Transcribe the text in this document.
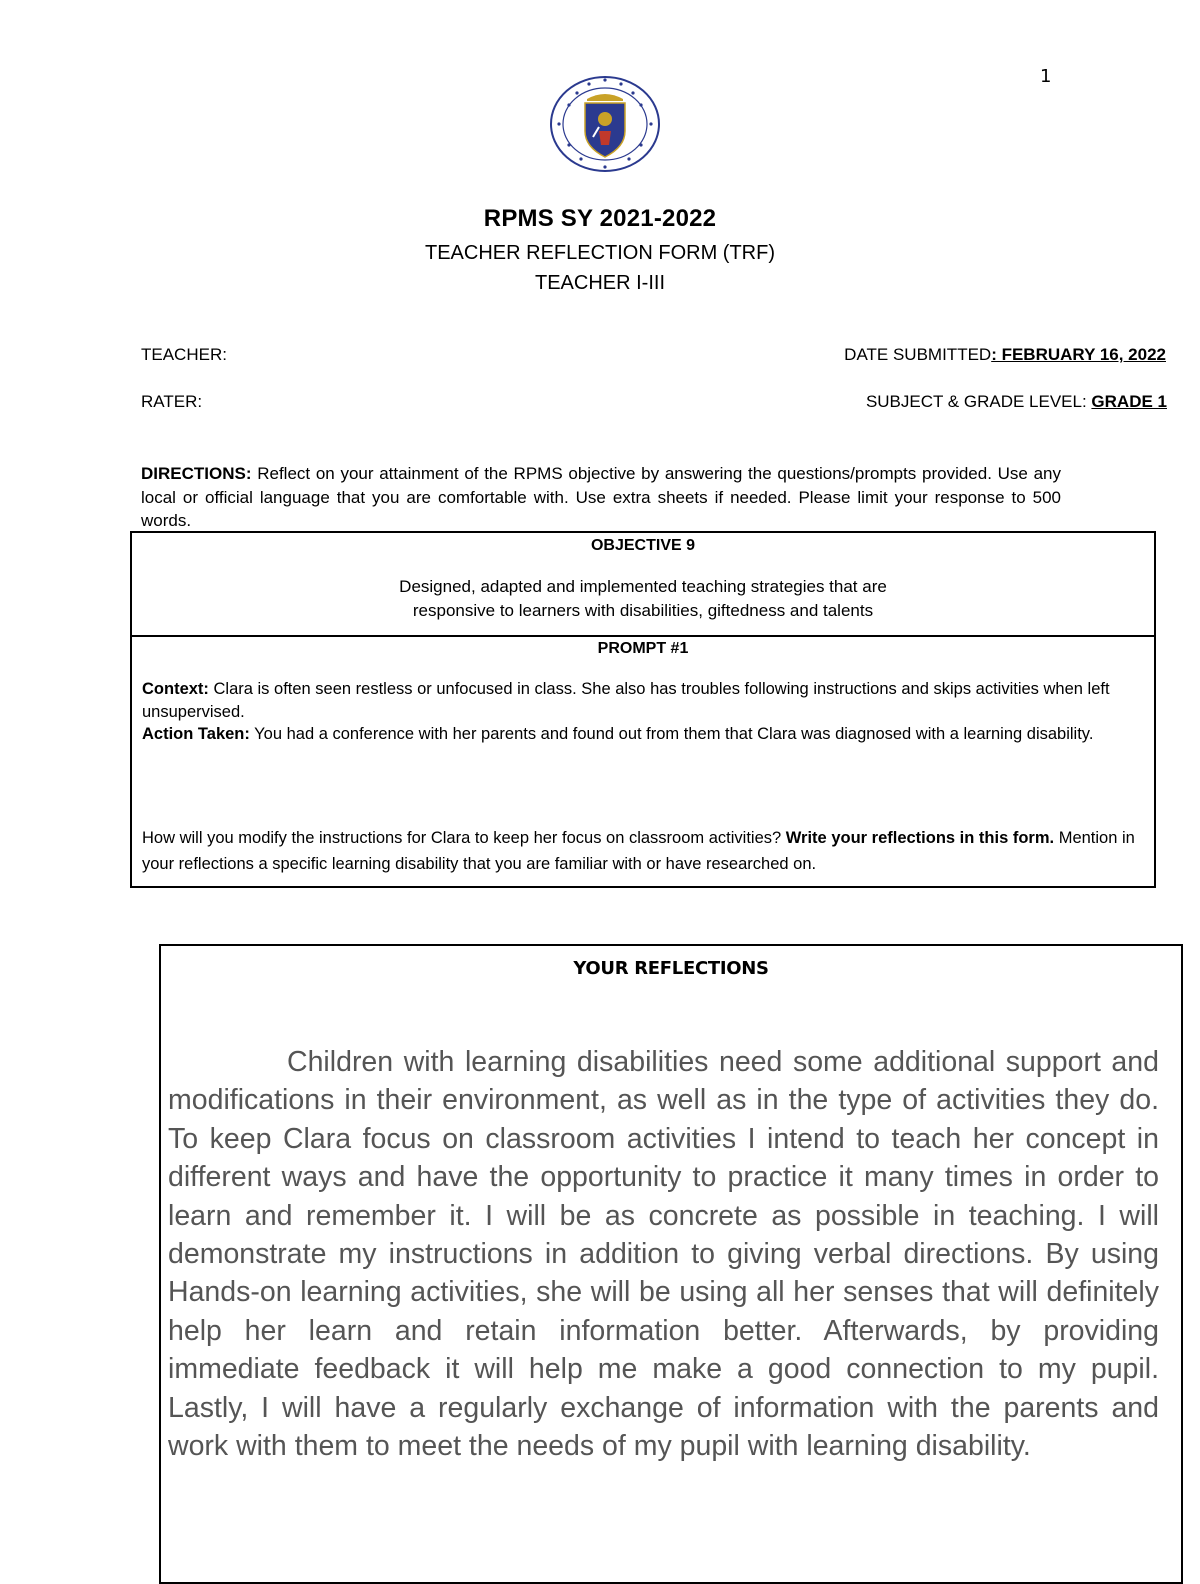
1
RPMS SY 2021-2022
TEACHER REFLECTION FORM (TRF)
TEACHER I-III
TEACHER:
RATER:
DATE SUBMITTED: FEBRUARY 16, 2022
SUBJECT & GRADE LEVEL: GRADE 1
DIRECTIONS: Reflect on your attainment of the RPMS objective by answering the questions/prompts provided. Use any local or official language that you are comfortable with. Use extra sheets if needed. Please limit your response to 500 words.
OBJECTIVE 9
Designed, adapted and implemented teaching strategies that are
responsive to learners with disabilities, giftedness and talents
PROMPT #1
Context: Clara is often seen restless or unfocused in class. She also has troubles following instructions and skips activities when left unsupervised.
Action Taken: You had a conference with her parents and found out from them that Clara was diagnosed with a learning disability.
How will you modify the instructions for Clara to keep her focus on classroom activities? Write your reflections in this form. Mention in your reflections a specific learning disability that you are familiar with or have researched on.
YOUR REFLECTIONS
Children with learning disabilities need some additional support and modifications in their environment, as well as in the type of activities they do. To keep Clara focus on classroom activities I intend to teach her concept in different ways and have the opportunity to practice it many times in order to learn and remember it. I will be as concrete as possible in teaching. I will demonstrate my instructions in addition to giving verbal directions. By using Hands-on learning activities, she will be using all her senses that will definitely help her learn and retain information better. Afterwards, by providing immediate feedback it will help me make a good connection to my pupil. Lastly, I will have a regularly exchange of information with the parents and work with them to meet the needs of my pupil with learning disability.
